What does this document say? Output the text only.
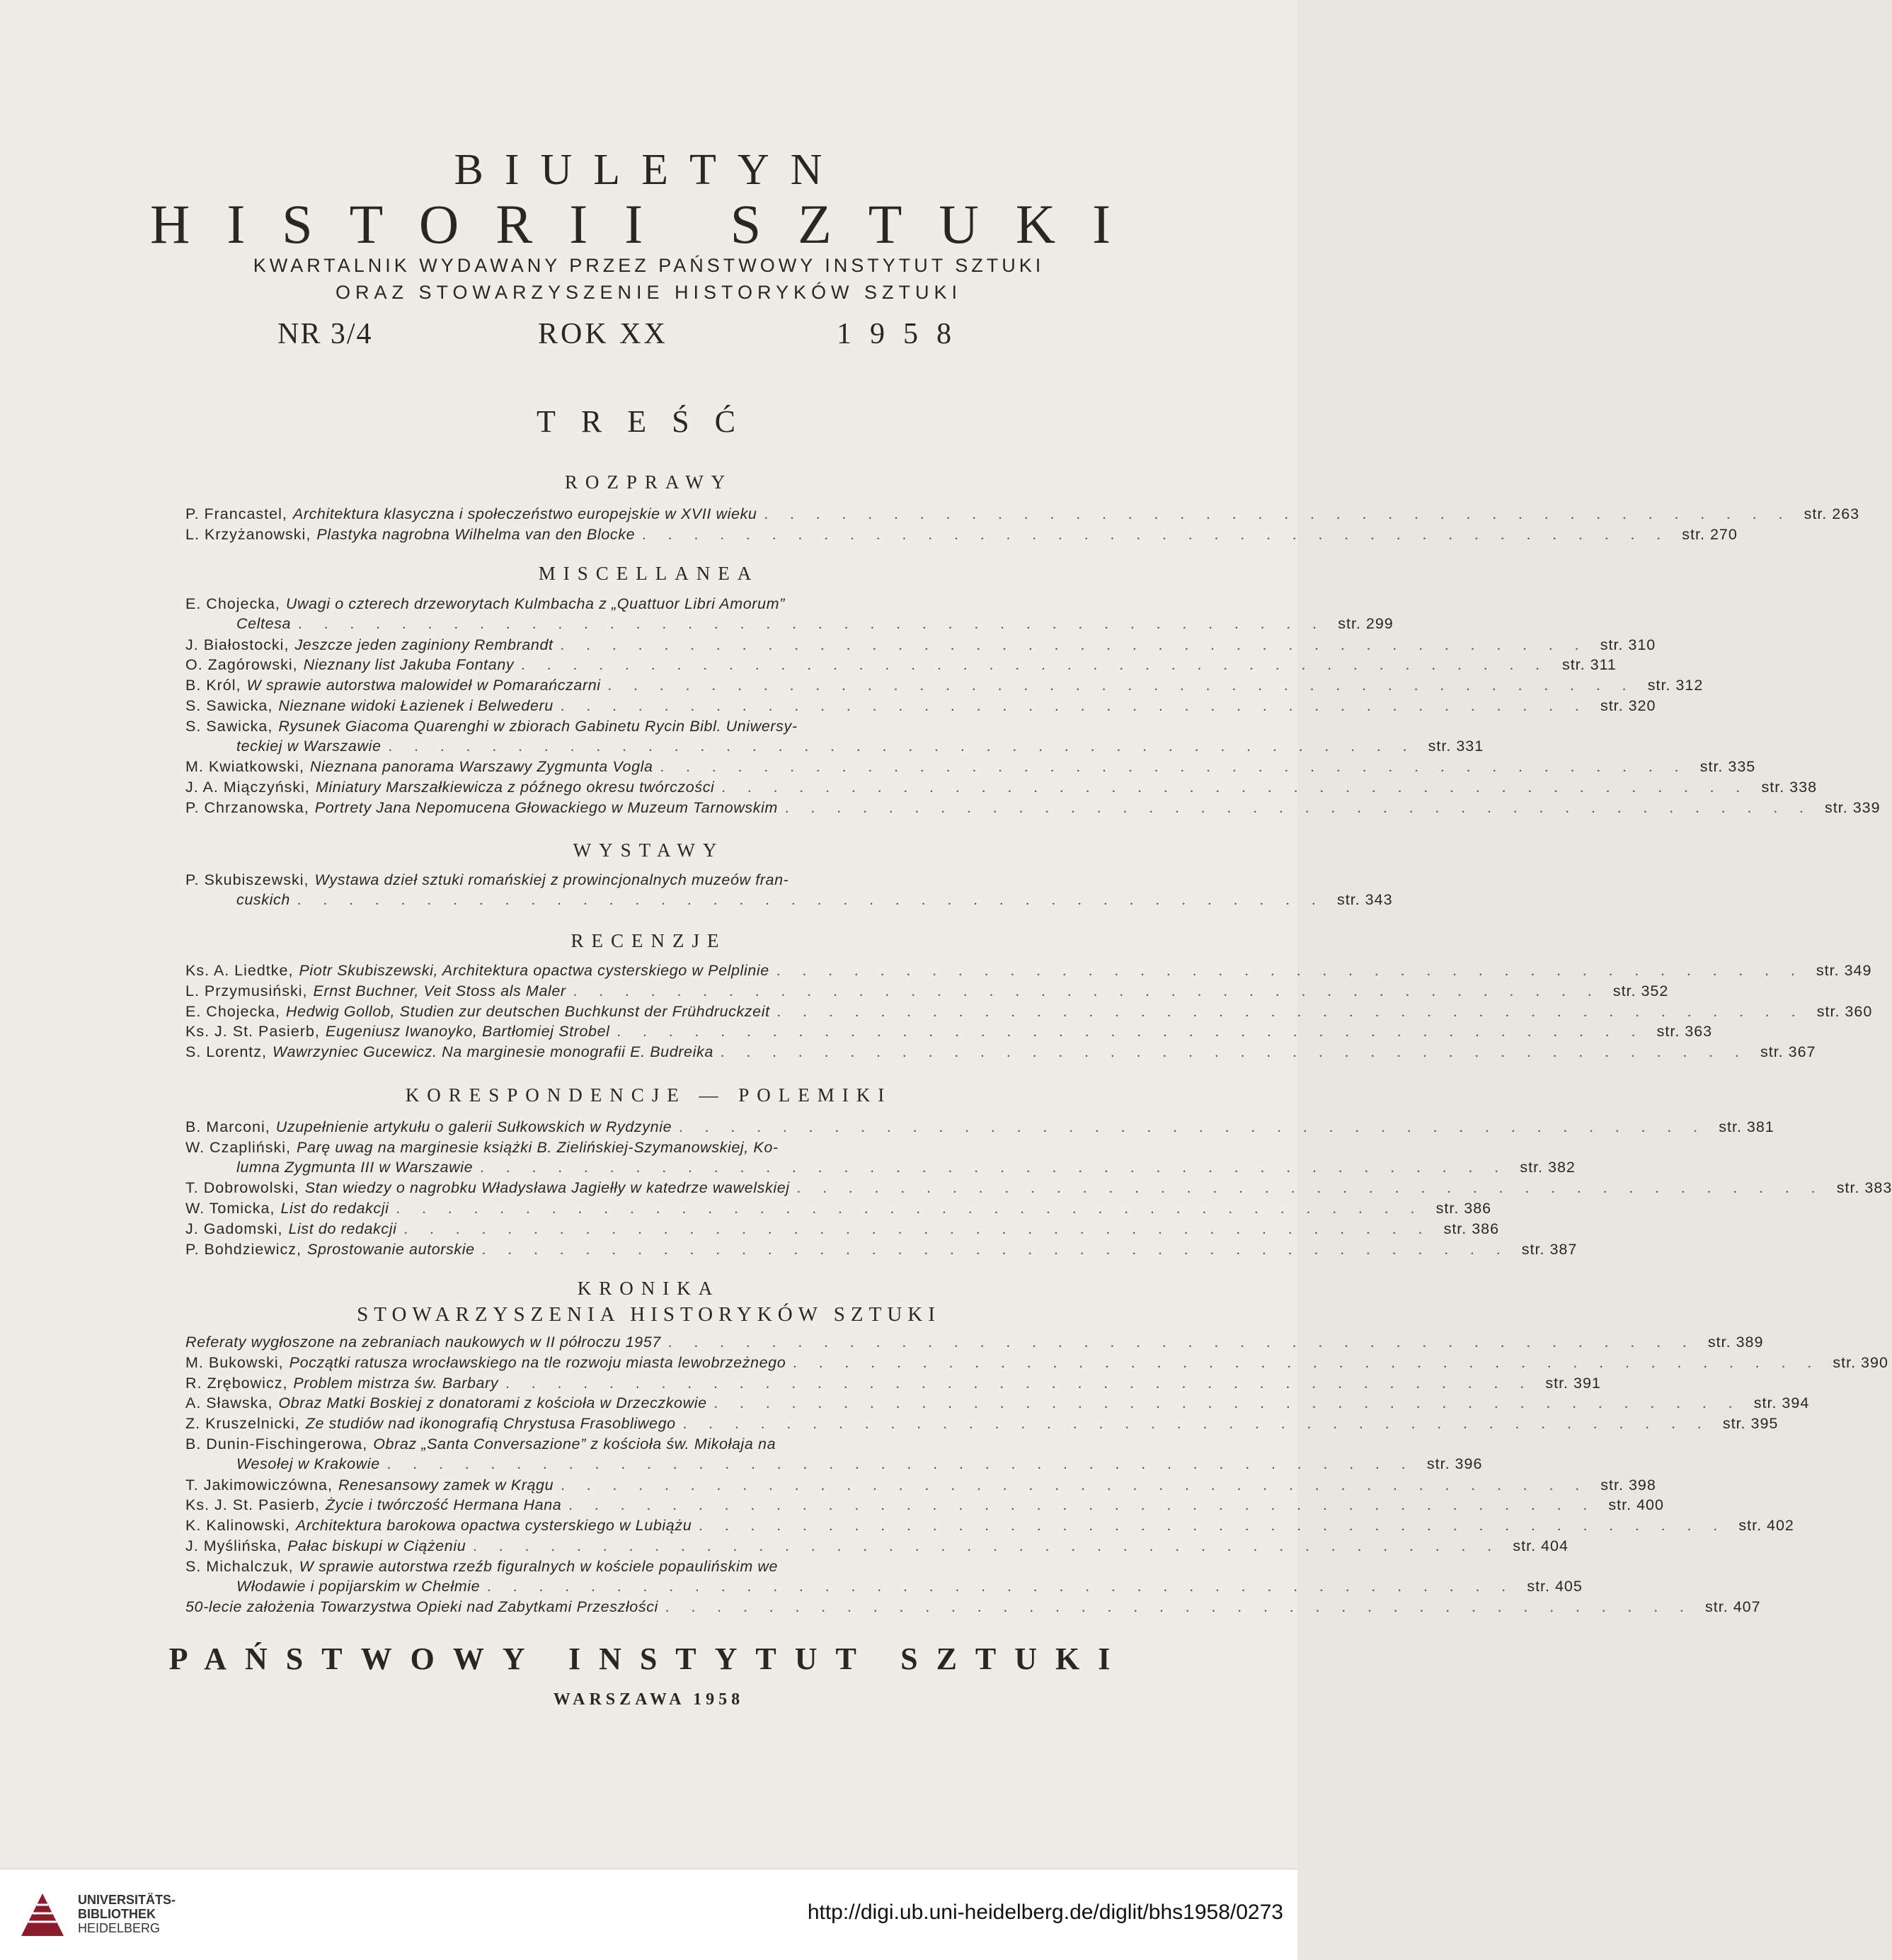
BIULETYN
HISTORII SZTUKI
KWARTALNIK WYDAWANY PRZEZ PAŃSTWOWY INSTYTUT SZTUKI
ORAZ STOWARZYSZENIE HISTORYKÓW SZTUKI
NR 3/4	ROK XX	1958
TREŚĆ
ROZPRAWY
P. Francastel, Architektura klasyczna i społeczeństwo europejskie w XVII wieku . . . . . . . . . . . . . . . . . . . . . . . . . . . . . . . . . . . . . . . . str. 263
L. Krzyżanowski, Plastyka nagrobna Wilhelma van den Blocke . . . . . . . . . . . . . . . . . . . . . . . . . . . . . . . . . . . . . . . . str. 270
MISCELLANEA
E. Chojecka, Uwagi o czterech drzeworytach Kulmbacha z „Quattuor Libri Amorum”
Celtesa . . . . . . . . . . . . . . . . . . . . . . . . . . . . . . . . . . . . . . . . str. 299
J. Białostocki, Jeszcze jeden zaginiony Rembrandt . . . . . . . . . . . . . . . . . . . . . . . . . . . . . . . . . . . . . . . . str. 310
O. Zagórowski, Nieznany list Jakuba Fontany . . . . . . . . . . . . . . . . . . . . . . . . . . . . . . . . . . . . . . . . str. 311
B. Król, W sprawie autorstwa malowideł w Pomarańczarni . . . . . . . . . . . . . . . . . . . . . . . . . . . . . . . . . . . . . . . . str. 312
S. Sawicka, Nieznane widoki Łazienek i Belwederu . . . . . . . . . . . . . . . . . . . . . . . . . . . . . . . . . . . . . . . . str. 320
S. Sawicka, Rysunek Giacoma Quarenghi w zbiorach Gabinetu Rycin Bibl. Uniwersy-
teckiej w Warszawie . . . . . . . . . . . . . . . . . . . . . . . . . . . . . . . . . . . . . . . . str. 331
M. Kwiatkowski, Nieznana panorama Warszawy Zygmunta Vogla . . . . . . . . . . . . . . . . . . . . . . . . . . . . . . . . . . . . . . . . str. 335
J. A. Miączyński, Miniatury Marszałkiewicza z późnego okresu twórczości . . . . . . . . . . . . . . . . . . . . . . . . . . . . . . . . . . . . . . . . str. 338
P. Chrzanowska, Portrety Jana Nepomucena Głowackiego w Muzeum Tarnowskim . . . . . . . . . . . . . . . . . . . . . . . . . . . . . . . . . . . . . . . . str. 339
WYSTAWY
P. Skubiszewski, Wystawa dzieł sztuki romańskiej z prowincjonalnych muzeów fran-
cuskich . . . . . . . . . . . . . . . . . . . . . . . . . . . . . . . . . . . . . . . . str. 343
RECENZJE
Ks. A. Liedtke, Piotr Skubiszewski, Architektura opactwa cysterskiego w Pelplinie . . . . . . . . . . . . . . . . . . . . . . . . . . . . . . . . . . . . . . . . str. 349
L. Przymusiński, Ernst Buchner, Veit Stoss als Maler . . . . . . . . . . . . . . . . . . . . . . . . . . . . . . . . . . . . . . . . str. 352
E. Chojecka, Hedwig Gollob, Studien zur deutschen Buchkunst der Frühdruckzeit . . . . . . . . . . . . . . . . . . . . . . . . . . . . . . . . . . . . . . . . str. 360
Ks. J. St. Pasierb, Eugeniusz Iwanoyko, Bartłomiej Strobel . . . . . . . . . . . . . . . . . . . . . . . . . . . . . . . . . . . . . . . . str. 363
S. Lorentz, Wawrzyniec Gucewicz. Na marginesie monografii E. Budreika . . . . . . . . . . . . . . . . . . . . . . . . . . . . . . . . . . . . . . . . str. 367
KORESPONDENCJE — POLEMIKI
B. Marconi, Uzupełnienie artykułu o galerii Sułkowskich w Rydzynie . . . . . . . . . . . . . . . . . . . . . . . . . . . . . . . . . . . . . . . . str. 381
W. Czapliński, Parę uwag na marginesie książki B. Zielińskiej-Szymanowskiej, Ko-
lumna Zygmunta III w Warszawie . . . . . . . . . . . . . . . . . . . . . . . . . . . . . . . . . . . . . . . . str. 382
T. Dobrowolski, Stan wiedzy o nagrobku Władysława Jagiełły w katedrze wawelskiej . . . . . . . . . . . . . . . . . . . . . . . . . . . . . . . . . . . . . . . . str. 383
W. Tomicka, List do redakcji . . . . . . . . . . . . . . . . . . . . . . . . . . . . . . . . . . . . . . . . str. 386
J. Gadomski, List do redakcji . . . . . . . . . . . . . . . . . . . . . . . . . . . . . . . . . . . . . . . . str. 386
P. Bohdziewicz, Sprostowanie autorskie . . . . . . . . . . . . . . . . . . . . . . . . . . . . . . . . . . . . . . . . str. 387
KRONIKA
STOWARZYSZENIA HISTORYKÓW SZTUKI
Referaty wygłoszone na zebraniach naukowych w II półroczu 1957 . . . . . . . . . . . . . . . . . . . . . . . . . . . . . . . . . . . . . . . . str. 389
M. Bukowski, Początki ratusza wrocławskiego na tle rozwoju miasta lewobrzeżnego . . . . . . . . . . . . . . . . . . . . . . . . . . . . . . . . . . . . . . . . str. 390
R. Zrębowicz, Problem mistrza św. Barbary . . . . . . . . . . . . . . . . . . . . . . . . . . . . . . . . . . . . . . . . str. 391
A. Sławska, Obraz Matki Boskiej z donatorami z kościoła w Drzeczkowie . . . . . . . . . . . . . . . . . . . . . . . . . . . . . . . . . . . . . . . . str. 394
Z. Kruszelnicki, Ze studiów nad ikonografią Chrystusa Frasobliwego . . . . . . . . . . . . . . . . . . . . . . . . . . . . . . . . . . . . . . . . str. 395
B. Dunin-Fischingerowa, Obraz „Santa Conversazione” z kościoła św. Mikołaja na
Wesołej w Krakowie . . . . . . . . . . . . . . . . . . . . . . . . . . . . . . . . . . . . . . . . str. 396
T. Jakimowiczówna, Renesansowy zamek w Krągu . . . . . . . . . . . . . . . . . . . . . . . . . . . . . . . . . . . . . . . . str. 398
Ks. J. St. Pasierb, Życie i twórczość Hermana Hana . . . . . . . . . . . . . . . . . . . . . . . . . . . . . . . . . . . . . . . . str. 400
K. Kalinowski, Architektura barokowa opactwa cysterskiego w Lubiążu . . . . . . . . . . . . . . . . . . . . . . . . . . . . . . . . . . . . . . . . str. 402
J. Myślińska, Pałac biskupi w Ciążeniu . . . . . . . . . . . . . . . . . . . . . . . . . . . . . . . . . . . . . . . . str. 404
S. Michalczuk, W sprawie autorstwa rzeźb figuralnych w kościele popaulińskim we
Włodawie i popijarskim w Chełmie . . . . . . . . . . . . . . . . . . . . . . . . . . . . . . . . . . . . . . . . str. 405
50-lecie założenia Towarzystwa Opieki nad Zabytkami Przeszłości . . . . . . . . . . . . . . . . . . . . . . . . . . . . . . . . . . . . . . . . str. 407
PAŃSTWOWY INSTYTUT SZTUKI
WARSZAWA 1958
UNIVERSITÄTS-
BIBLIOTHEK
HEIDELBERG
http://digi.ub.uni-heidelberg.de/diglit/bhs1958/0273
